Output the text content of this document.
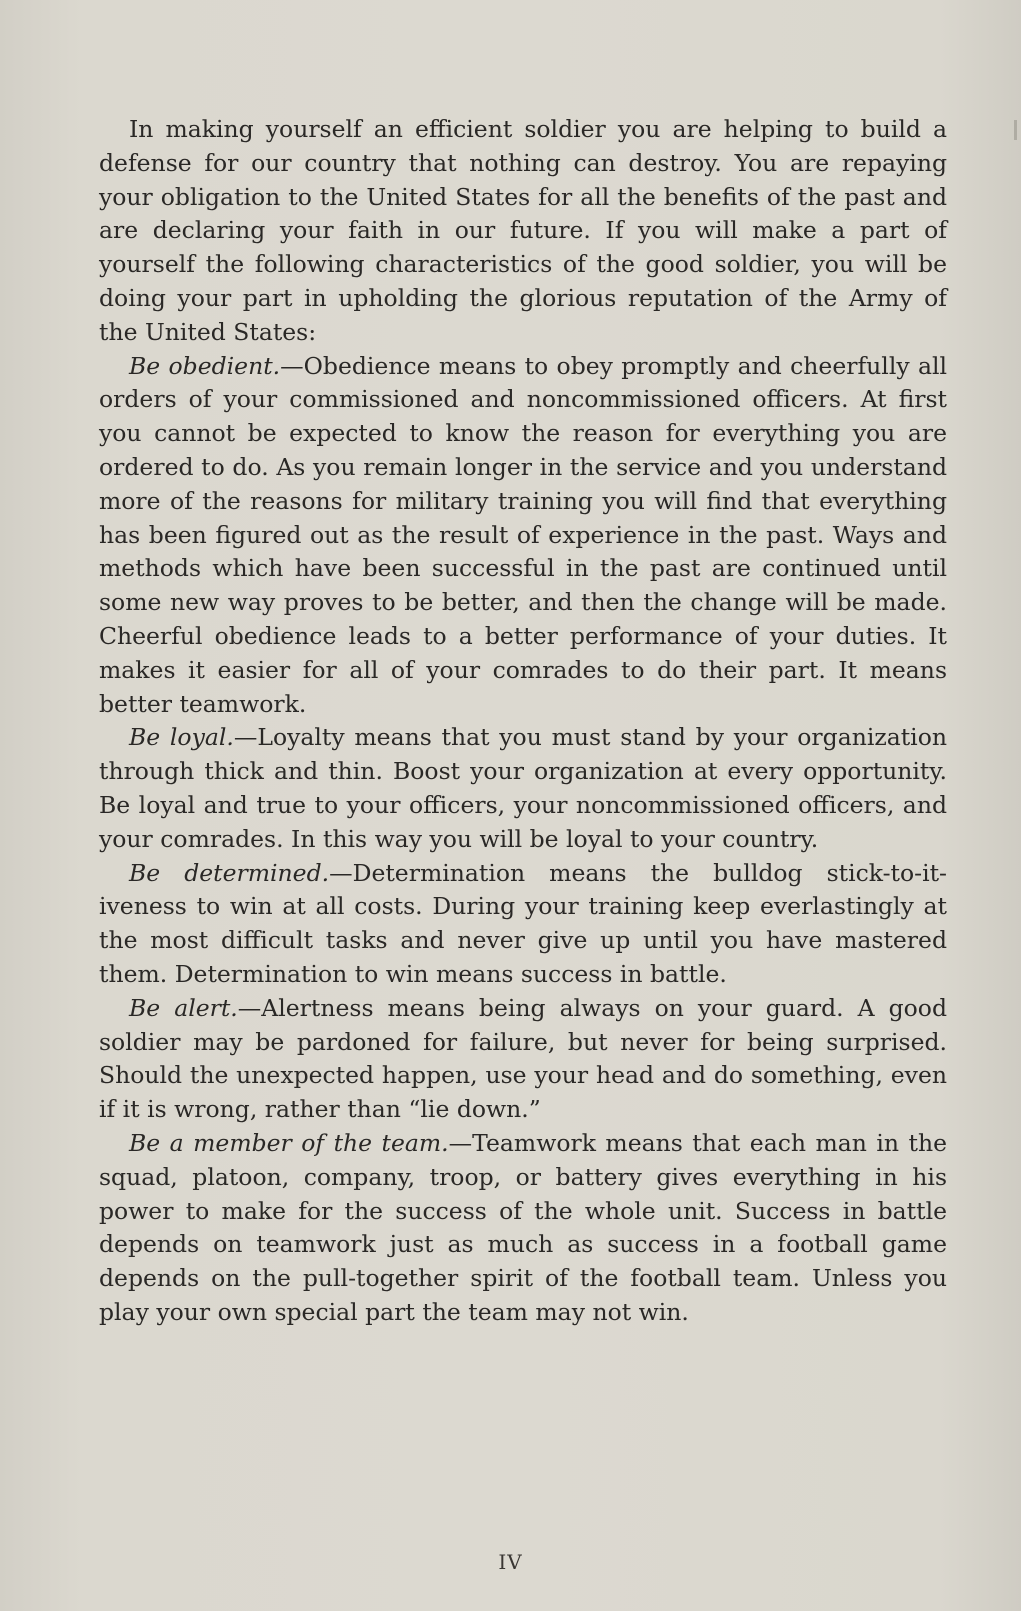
In making yourself an efficient soldier you are helping to build a defense for our country that nothing can destroy. You are repaying your obligation to the United States for all the benefits of the past and are declaring your faith in our future. If you will make a part of yourself the following characteristics of the good soldier, you will be doing your part in upholding the glorious reputation of the Army of the United States:

Be obedient.—Obedience means to obey promptly and cheerfully all orders of your commissioned and noncommissioned officers. At first you cannot be expected to know the reason for everything you are ordered to do. As you remain longer in the service and you understand more of the reasons for military training you will find that everything has been figured out as the result of experience in the past. Ways and methods which have been successful in the past are continued until some new way proves to be better, and then the change will be made. Cheerful obedience leads to a better performance of your duties. It makes it easier for all of your comrades to do their part. It means better teamwork.

Be loyal.—Loyalty means that you must stand by your organization through thick and thin. Boost your organization at every opportunity. Be loyal and true to your officers, your noncommissioned officers, and your comrades. In this way you will be loyal to your country.

Be determined.—Determination means the bulldog stick-to-it-iveness to win at all costs. During your training keep everlastingly at the most difficult tasks and never give up until you have mastered them. Determination to win means success in battle.

Be alert.—Alertness means being always on your guard. A good soldier may be pardoned for failure, but never for being surprised. Should the unexpected happen, use your head and do something, even if it is wrong, rather than “lie down.”

Be a member of the team.—Teamwork means that each man in the squad, platoon, company, troop, or battery gives everything in his power to make for the success of the whole unit. Success in battle depends on teamwork just as much as success in a football game depends on the pull-together spirit of the football team. Unless you play your own special part the team may not win.

IV
